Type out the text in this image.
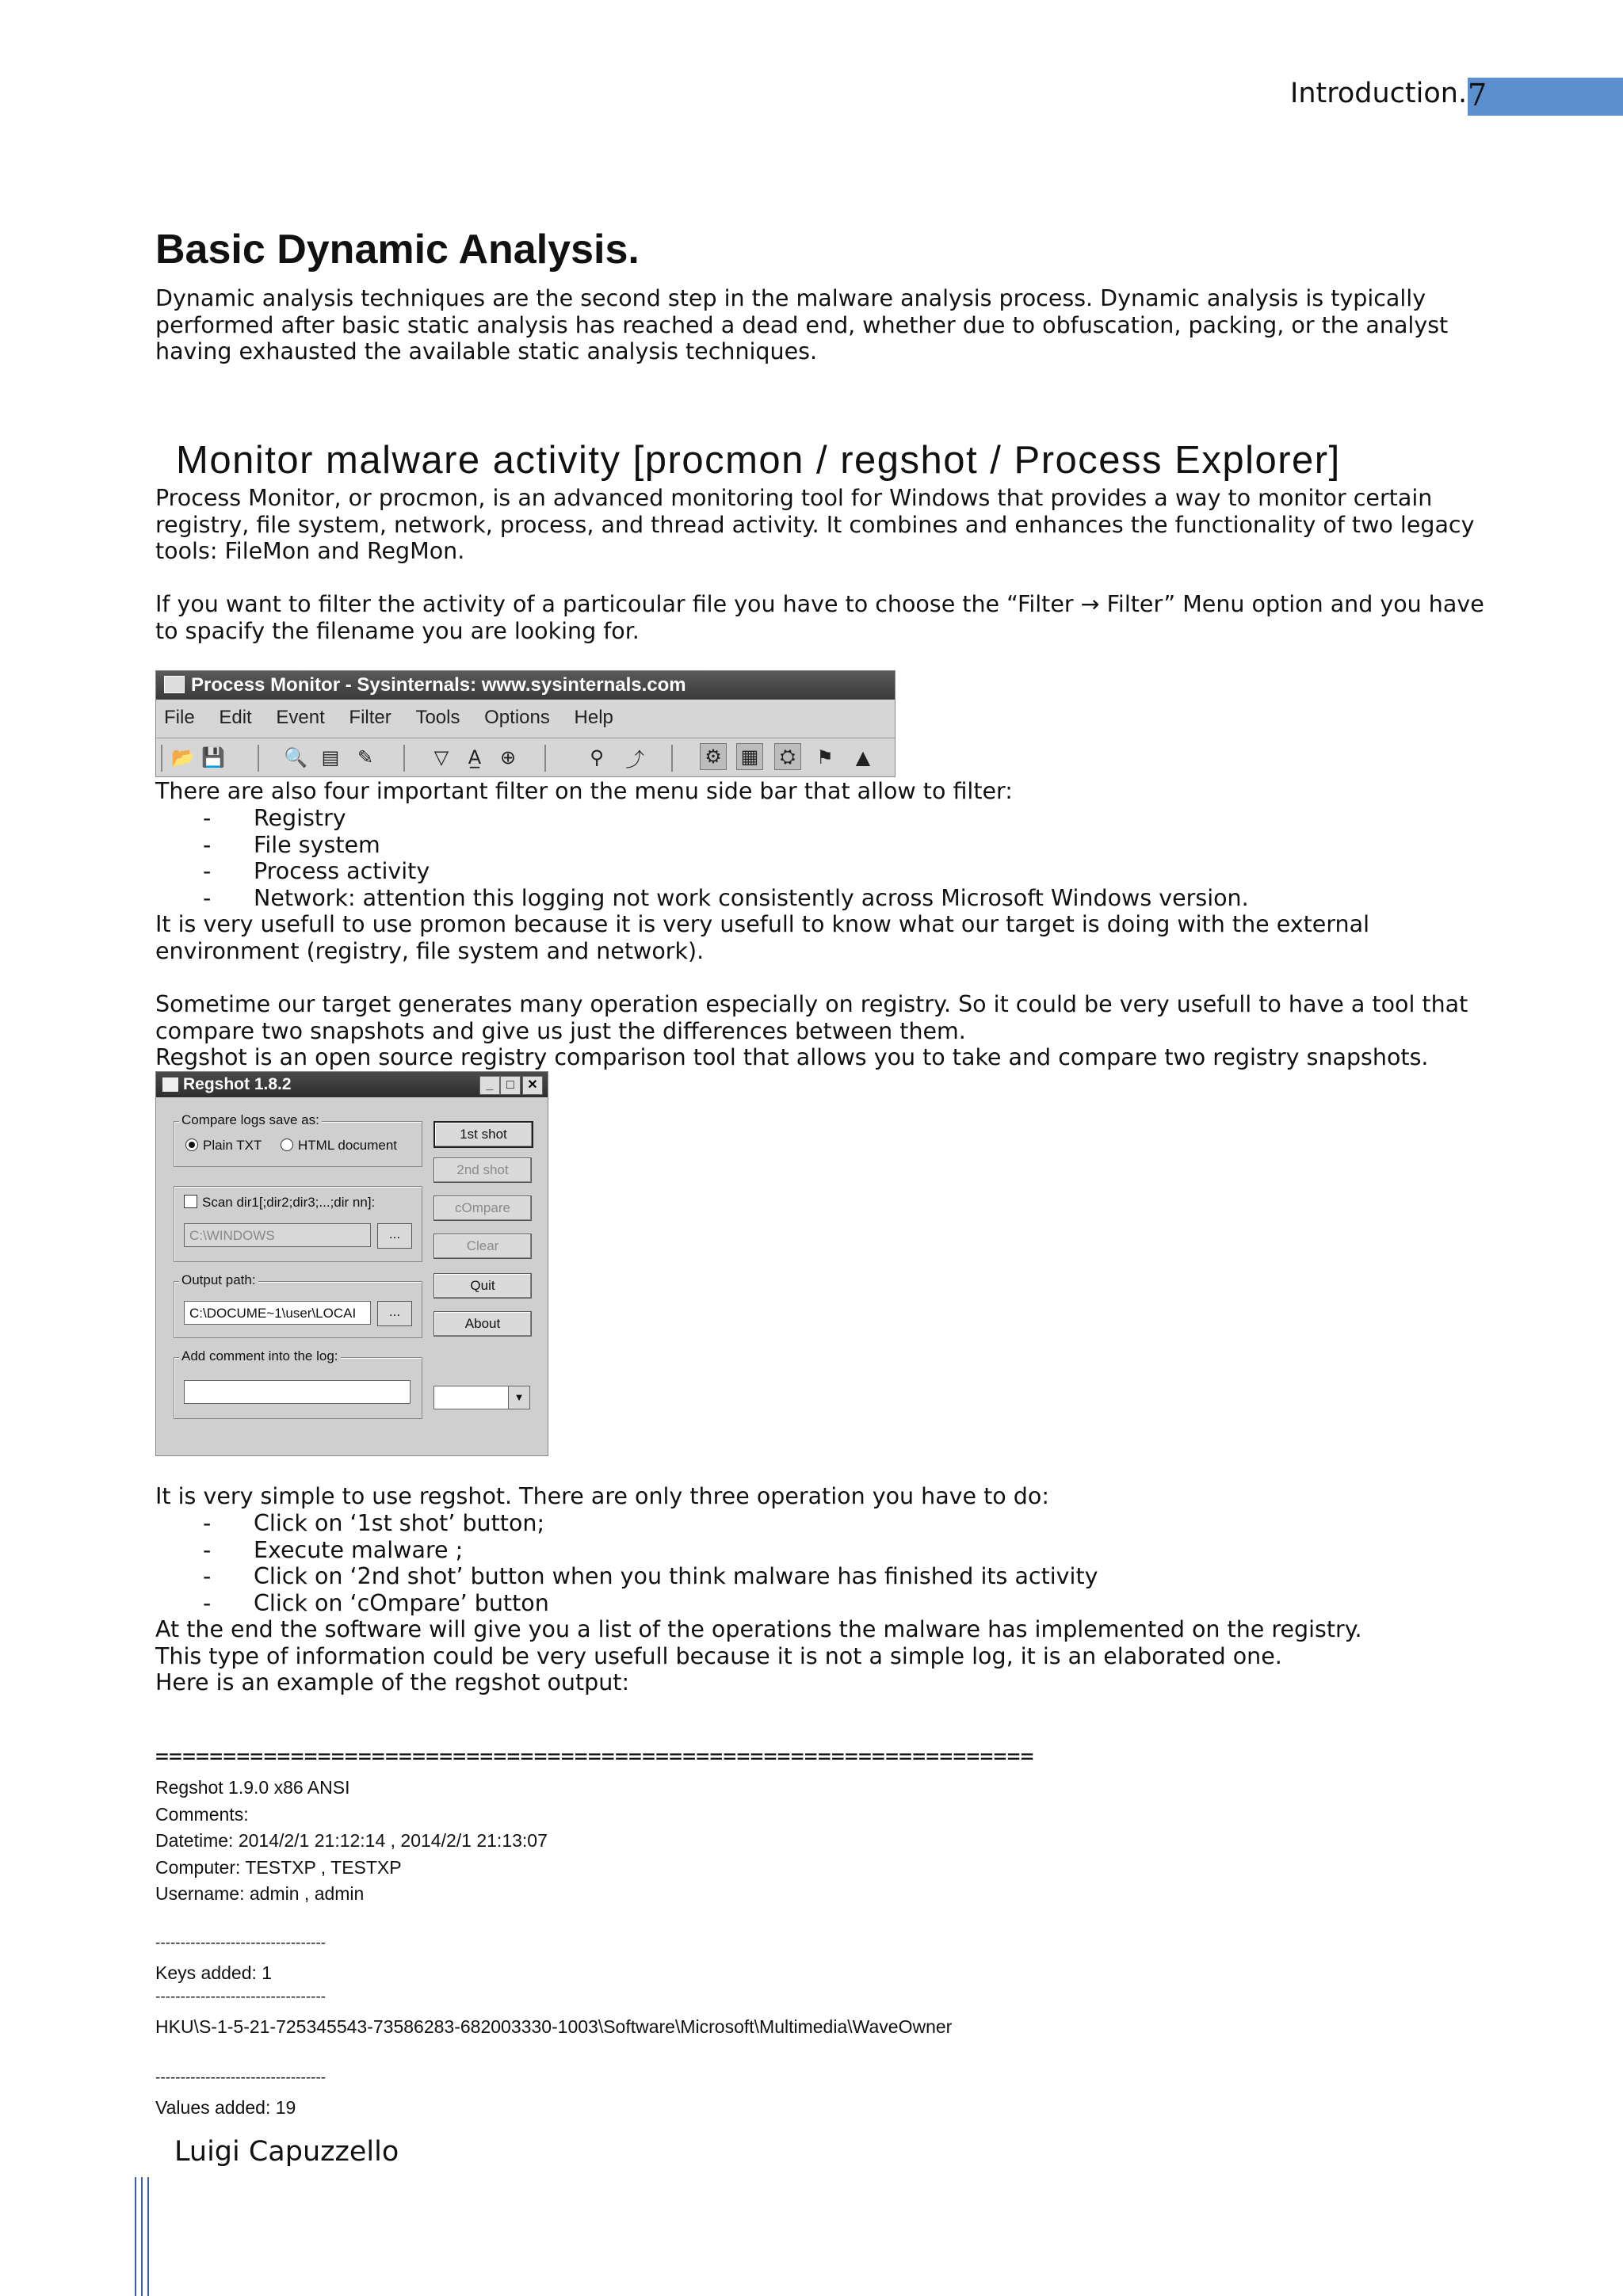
Introduction. 7
Basic Dynamic Analysis.
Dynamic analysis techniques are the second step in the malware analysis process. Dynamic analysis is typically
performed after basic static analysis has reached a dead end, whether due to obfuscation, packing, or the analyst
having exhausted the available static analysis techniques.
Monitor malware activity [procmon / regshot / Process Explorer]
Process Monitor, or procmon, is an advanced monitoring tool for Windows that provides a way to monitor certain
registry, file system, network, process, and thread activity. It combines and enhances the functionality of two legacy
tools: FileMon and RegMon.
If you want to filter the activity of a particoular file you have to choose the “Filter → Filter” Menu option and you have
to spacify the filename you are looking for.
Process Monitor - Sysinternals: www.sysinternals.com
File Edit Event Filter Tools Options Help
📂 💾	🔍 ▤ ✎	▽	A̲ ⊕	⚲	⤴	⚙ ▦	⛭	⚑ ▲
There are also four important filter on the menu side bar that allow to filter:
- Registry
- File system
- Process activity
- Network: attention this logging not work consistently across Microsoft Windows version.
It is very usefull to use promon because it is very usefull to know what our target is doing with the external
environment (registry, file system and network).
Sometime our target generates many operation especially on registry. So it could be very usefull to have a tool that
compare two snapshots and give us just the differences between them.
Regshot is an open source registry comparison tool that allows you to take and compare two registry snapshots.
Regshot 1.8.2	_	□	✕
Compare logs save as:
Plain TXT	HTML document
Scan dir1[;dir2;dir3;...;dir nn]:
C:\WINDOWS	...
Output path:
C:\DOCUME~1\user\LOCAI	...
Add comment into the log:
1st shot
2nd shot
cOmpare
Clear
Quit
About
▼
It is very simple to use regshot. There are only three operation you have to do:
- Click on ‘1st shot’ button;
- Execute malware ;
- Click on ‘2nd shot’ button when you think malware has finished its activity
- Click on ‘cOmpare’ button
At the end the software will give you a list of the operations the malware has implemented on the registry.
This type of information could be very usefull because it is not a simple log, it is an elaborated one.
Here is an example of the regshot output:
=================================================================
Regshot 1.9.0 x86 ANSI
Comments:
Datetime: 2014/2/1 21:12:14 , 2014/2/1 21:13:07
Computer: TESTXP , TESTXP
Username: admin , admin
----------------------------------
Keys added: 1
----------------------------------
HKU\S-1-5-21-725345543-73586283-682003330-1003\Software\Microsoft\Multimedia\WaveOwner
----------------------------------
Values added: 19
Luigi Capuzzello
